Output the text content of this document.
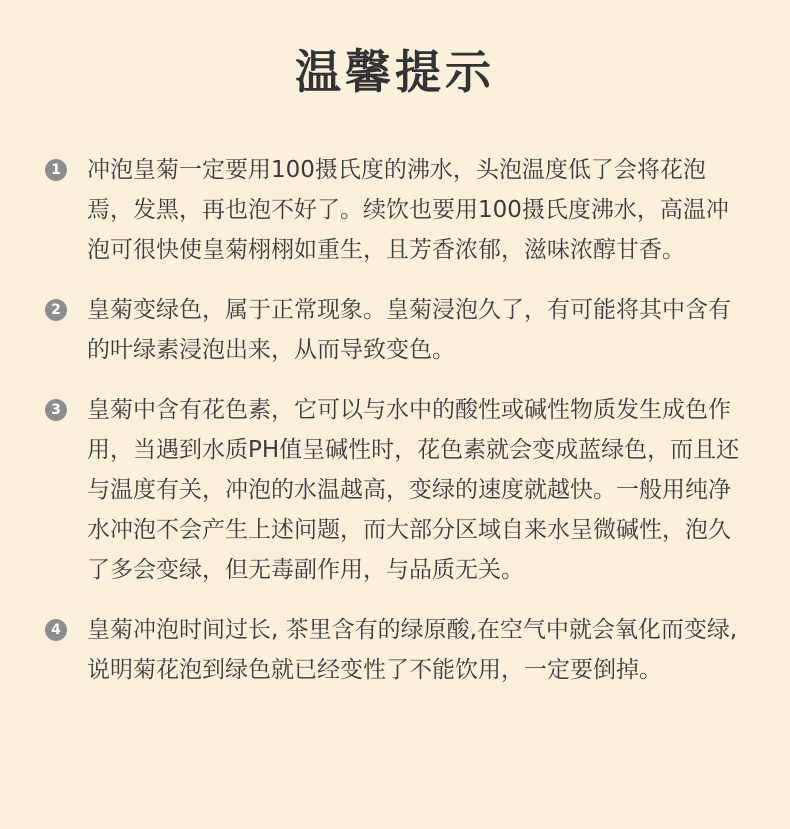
温馨提示
1 冲泡皇菊一定要用100摄氏度的沸水，头泡温度低了会将花泡焉，发黑，再也泡不好了。续饮也要用100摄氏度沸水，高温冲泡可很快使皇菊栩栩如重生，且芳香浓郁，滋味浓醇甘香。
2 皇菊变绿色，属于正常现象。皇菊浸泡久了，有可能将其中含有的叶绿素浸泡出来，从而导致变色。
3 皇菊中含有花色素，它可以与水中的酸性或碱性物质发生成色作用，当遇到水质PH值呈碱性时，花色素就会变成蓝绿色，而且还与温度有关，冲泡的水温越高，变绿的速度就越快。一般用纯净水冲泡不会产生上述问题，而大部分区域自来水呈微碱性，泡久了多会变绿，但无毒副作用，与品质无关。
4 皇菊冲泡时间过长, 茶里含有的绿原酸,在空气中就会氧化而变绿,说明菊花泡到绿色就已经变性了不能饮用，一定要倒掉。
